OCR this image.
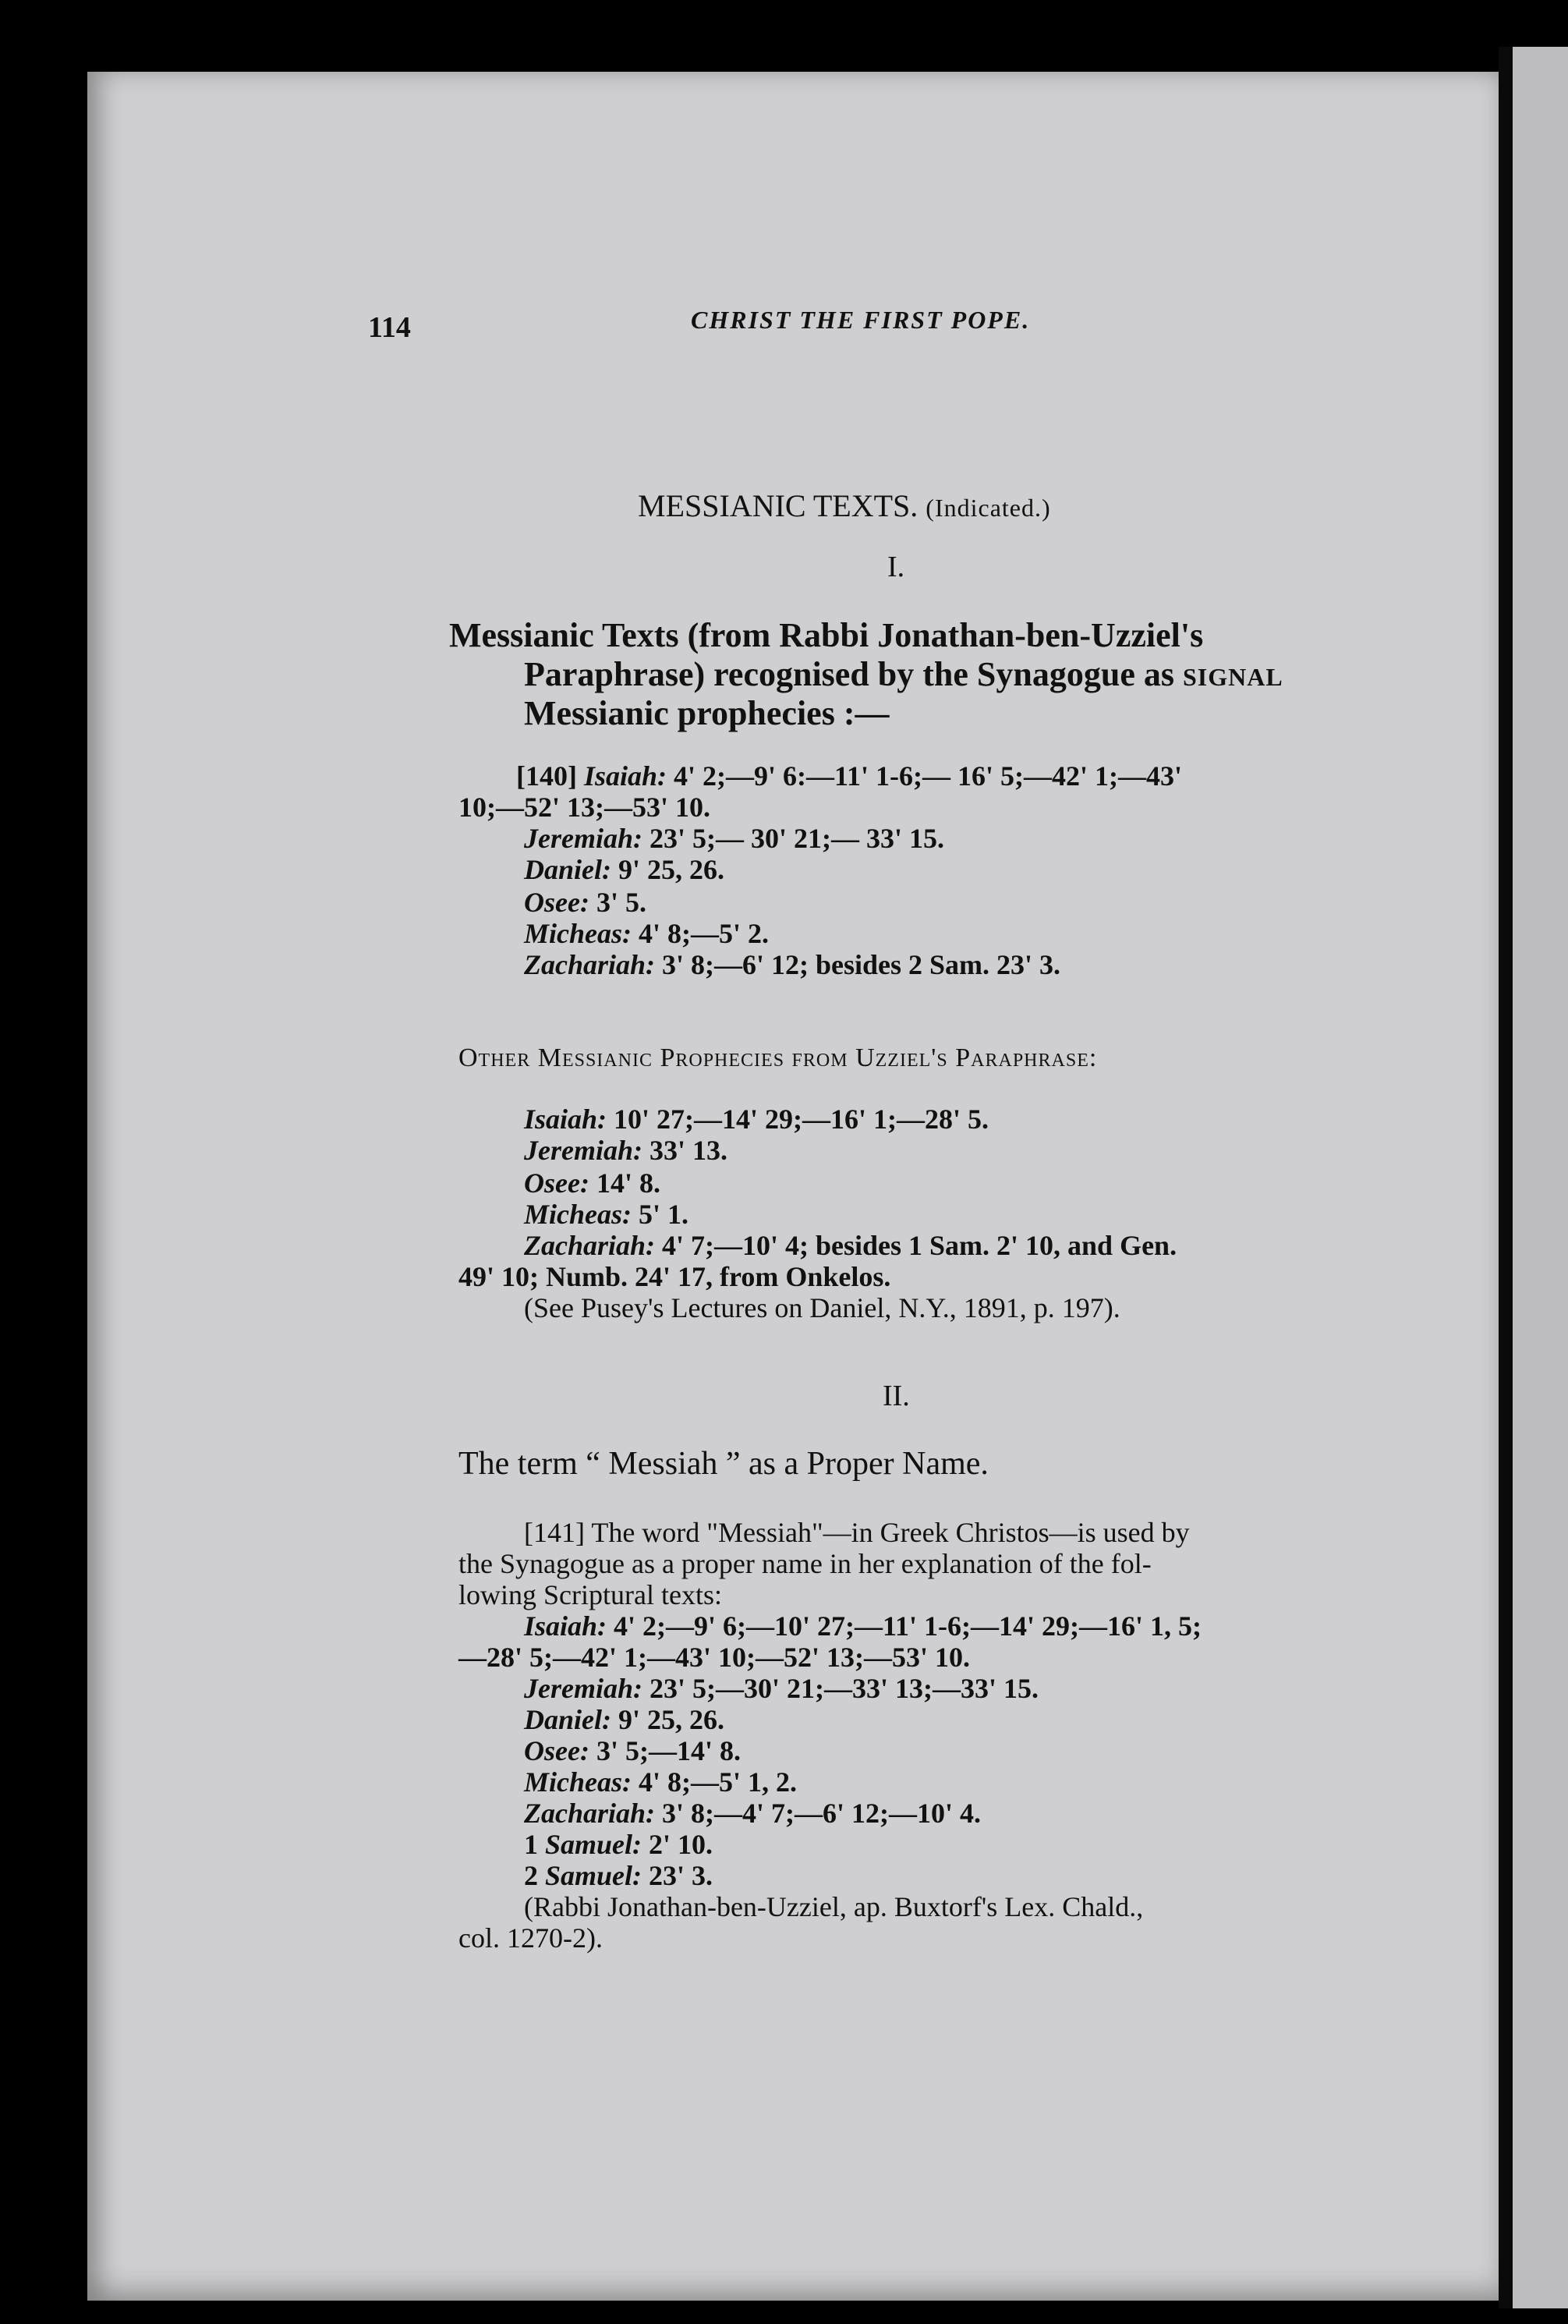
114	CHRIST THE FIRST POPE.
MESSIANIC TEXTS. (Indicated.)
I.
Messianic Texts (from Rabbi Jonathan-ben-Uzziel's
Paraphrase) recognised by the Synagogue as SIGNAL
Messianic prophecies :—
[140] Isaiah: 4' 2;—9' 6:—11' 1-6;— 16' 5;—42' 1;—43'
10;—52' 13;—53' 10.
Jeremiah: 23' 5;— 30' 21;— 33' 15.
Daniel: 9' 25, 26.
Osee: 3' 5.
Micheas: 4' 8;—5' 2.
Zachariah: 3' 8;—6' 12; besides 2 Sam. 23' 3.
Other Messianic Prophecies from Uzziel's Paraphrase:
Isaiah: 10' 27;—14' 29;—16' 1;—28' 5.
Jeremiah: 33' 13.
Osee: 14' 8.
Micheas: 5' 1.
Zachariah: 4' 7;—10' 4; besides 1 Sam. 2' 10, and Gen.
49' 10; Numb. 24' 17, from Onkelos.
(See Pusey's Lectures on Daniel, N.Y., 1891, p. 197).
II.
The term “ Messiah ” as a Proper Name.
[141] The word "Messiah"—in Greek Christos—is used by
the Synagogue as a proper name in her explanation of the fol-
lowing Scriptural texts:
Isaiah: 4' 2;—9' 6;—10' 27;—11' 1-6;—14' 29;—16' 1, 5;
—28' 5;—42' 1;—43' 10;—52' 13;—53' 10.
Jeremiah: 23' 5;—30' 21;—33' 13;—33' 15.
Daniel: 9' 25, 26.
Osee: 3' 5;—14' 8.
Micheas: 4' 8;—5' 1, 2.
Zachariah: 3' 8;—4' 7;—6' 12;—10' 4.
1 Samuel: 2' 10.
2 Samuel: 23' 3.
(Rabbi Jonathan-ben-Uzziel, ap. Buxtorf's Lex. Chald.,
col. 1270-2).
